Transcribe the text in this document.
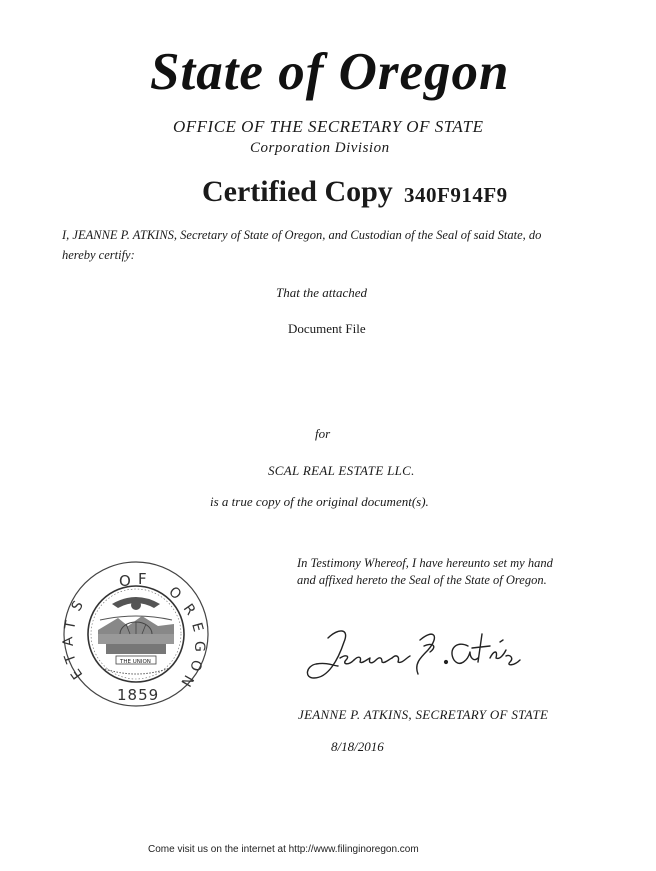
State of Oregon
OFFICE OF THE SECRETARY OF STATE
Corporation Division
Certified Copy 340F914F9
I, JEANNE P. ATKINS, Secretary of State of Oregon, and Custodian of the Seal of said State, do hereby certify:
That the attached
Document File
for
SCAL REAL ESTATE LLC.
is a true copy of the original document(s).
In Testimony Whereof, I have hereunto set my hand and affixed hereto the Seal of the State of Oregon.
O F
S
T
A
T
E
O
R
E
G
O
N
1859
THE UNION
JEANNE P. ATKINS, SECRETARY OF STATE
8/18/2016
Come visit us on the internet at http://www.filinginoregon.com
